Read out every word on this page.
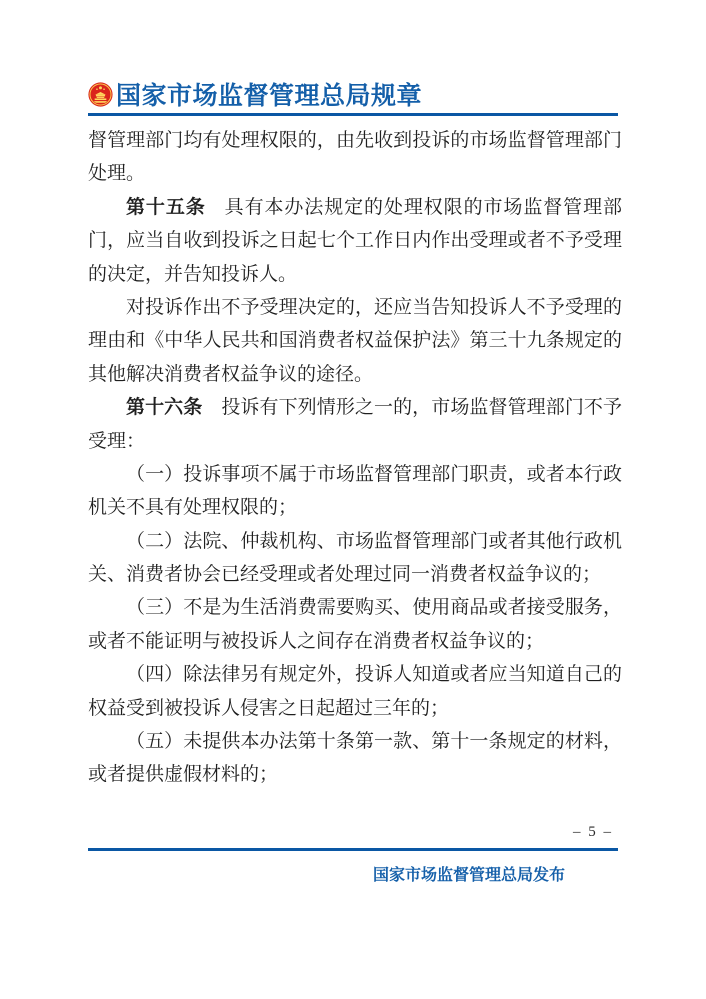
国家市场监督管理总局规章
督管理部门均有处理权限的，由先收到投诉的市场监督管理部门
处理。
第十五条 具有本办法规定的处理权限的市场监督管理部
门，应当自收到投诉之日起七个工作日内作出受理或者不予受理
的决定，并告知投诉人。
对投诉作出不予受理决定的，还应当告知投诉人不予受理的
理由和《中华人民共和国消费者权益保护法》第三十九条规定的
其他解决消费者权益争议的途径。
第十六条 投诉有下列情形之一的，市场监督管理部门不予
受理：
（一）投诉事项不属于市场监督管理部门职责，或者本行政
机关不具有处理权限的；
（二）法院、仲裁机构、市场监督管理部门或者其他行政机
关、消费者协会已经受理或者处理过同一消费者权益争议的；
（三）不是为生活消费需要购买、使用商品或者接受服务，
或者不能证明与被投诉人之间存在消费者权益争议的；
（四）除法律另有规定外，投诉人知道或者应当知道自己的
权益受到被投诉人侵害之日起超过三年的；
（五）未提供本办法第十条第一款、第十一条规定的材料，
或者提供虚假材料的；
– 5 –
国家市场监督管理总局发布
